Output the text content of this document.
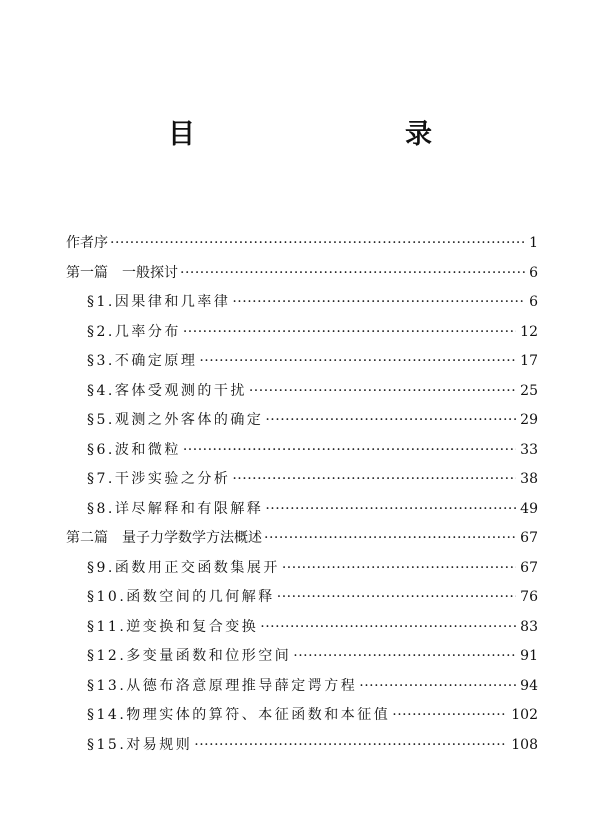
目　　录
作者序 ·····	1
第一篇　一般探讨 ·····	6
§1.因果律和几率律 ·····	6
§2.几率分布 ·····	12
§3.不确定原理 ·····	17
§4.客体受观测的干扰 ·····	25
§5.观测之外客体的确定 ·····	29
§6.波和微粒 ·····	33
§7.干涉实验之分析 ·····	38
§8.详尽解释和有限解释 ·····	49
第二篇　量子力学数学方法概述 ·····	67
§9.函数用正交函数集展开 ·····	67
§10.函数空间的几何解释 ·····	76
§11.逆变换和复合变换 ·····	83
§12.多变量函数和位形空间 ·····	91
§13.从德布洛意原理推导薛定谔方程 ·····	94
§14.物理实体的算符、本征函数和本征值 ·····	102
§15.对易规则 ·····	108
